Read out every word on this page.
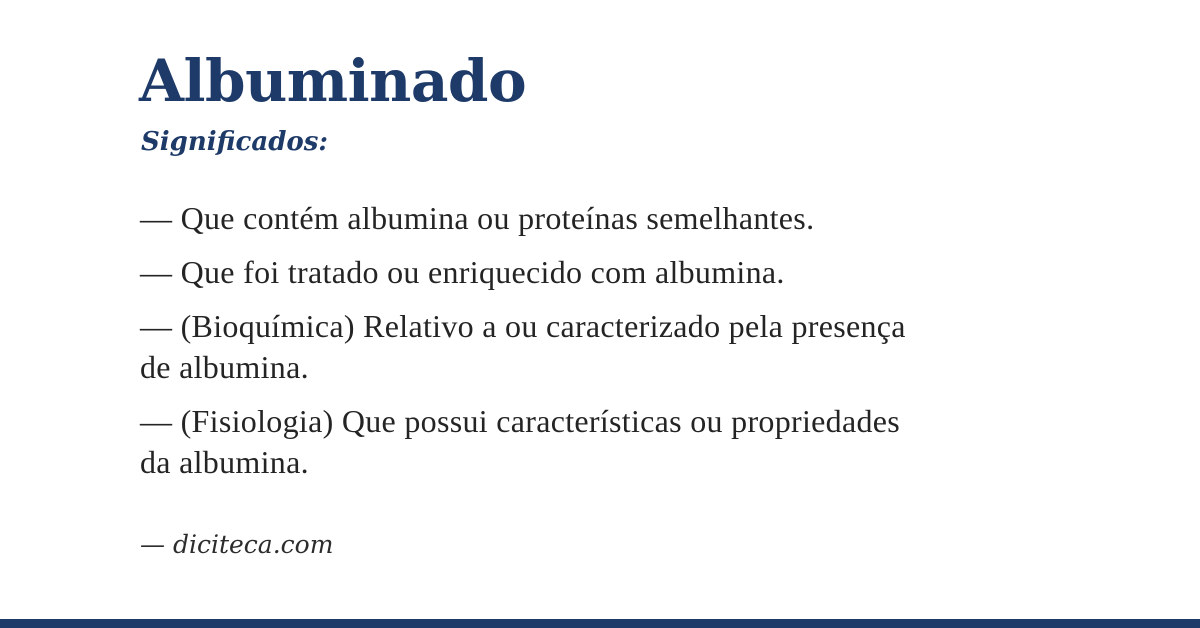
Albuminado
Significados:

— Que contém albumina ou proteínas semelhantes.

— Que foi tratado ou enriquecido com albumina.

— (Bioquímica) Relativo a ou caracterizado pela presença
de albumina.

— (Fisiologia) Que possui características ou propriedades
da albumina.

— diciteca.com
